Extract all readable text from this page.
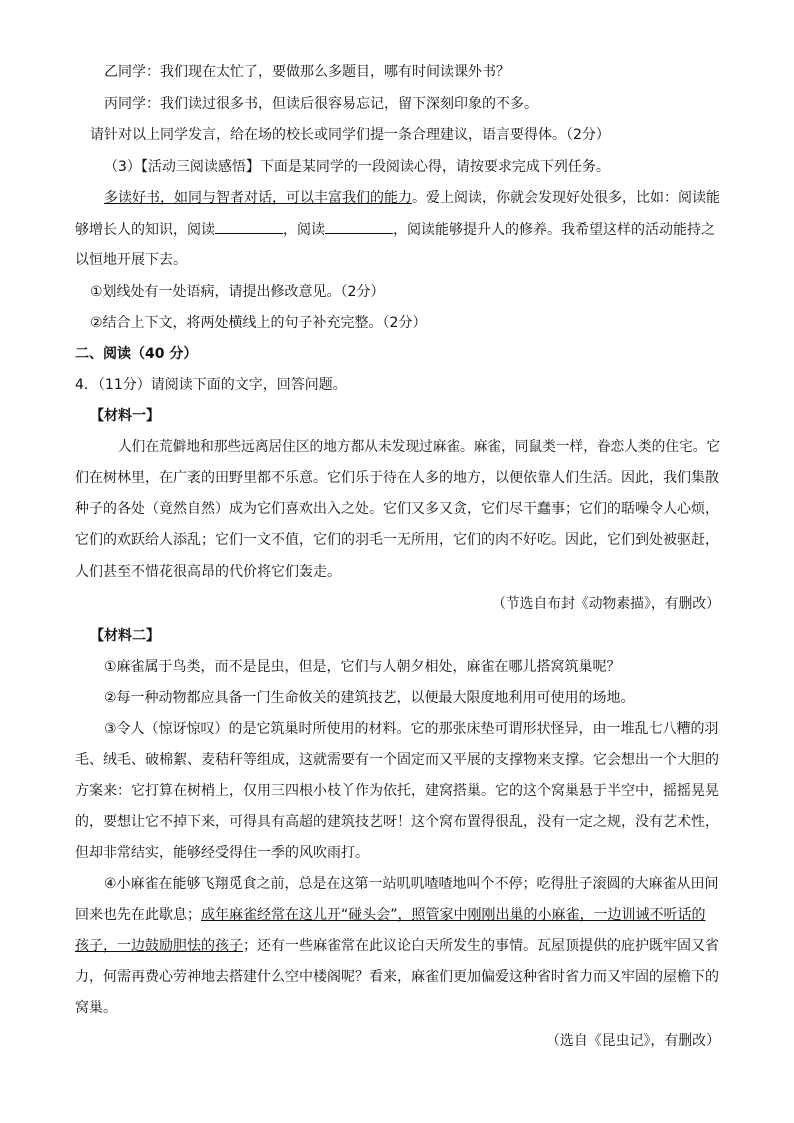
乙同学：我们现在太忙了，要做那么多题目，哪有时间读课外书？

丙同学：我们读过很多书，但读后很容易忘记，留下深刻印象的不多。

请针对以上同学发言，给在场的校长或同学们提一条合理建议，语言要得体。（2分）

（3）【活动三阅读感悟】下面是某同学的一段阅读心得，请按要求完成下列任务。

多读好书，如同与智者对话，可以丰富我们的能力。爱上阅读，你就会发现好处很多，比如：阅读能

够增长人的知识，阅读	，阅读	，阅读能够提升人的修养。我希望这样的活动能持之

以恒地开展下去。

①划线处有一处语病，请提出修改意见。（2分）

②结合上下文，将两处横线上的句子补充完整。（2分）

二、阅读（40 分）

4．（11分）请阅读下面的文字，回答问题。

【材料一】

人们在荒僻地和那些远离居住区的地方都从未发现过麻雀。麻雀，同鼠类一样，眷恋人类的住宅。它

们在树林里，在广袤的田野里都不乐意。它们乐于待在人多的地方，以便依靠人们生活。因此，我们集散

种子的各处（竟然自然）成为它们喜欢出入之处。它们又多又贪，它们尽干蠢事；它们的聒噪令人心烦，

它们的欢跃给人添乱；它们一文不值，它们的羽毛一无所用，它们的肉不好吃。因此，它们到处被驱赶，

人们甚至不惜花很高昂的代价将它们轰走。

（节选自布封《动物素描》，有删改）

【材料二】

①麻雀属于鸟类，而不是昆虫，但是，它们与人朝夕相处，麻雀在哪儿搭窝筑巢呢？

②每一种动物都应具备一门生命攸关的建筑技艺，以便最大限度地利用可使用的场地。

③令人（惊讶惊叹）的是它筑巢时所使用的材料。它的那张床垫可谓形状怪异，由一堆乱七八糟的羽

毛、绒毛、破棉絮、麦秸秆等组成，这就需要有一个固定而又平展的支撑物来支撑。它会想出一个大胆的

方案来：它打算在树梢上，仅用三四根小枝丫作为依托，建窝搭巢。它的这个窝巢悬于半空中，摇摇晃晃

的，要想让它不掉下来，可得具有高超的建筑技艺呀！这个窝布置得很乱，没有一定之规，没有艺术性，

但却非常结实，能够经受得住一季的风吹雨打。

④小麻雀在能够飞翔觅食之前，总是在这第一站叽叽喳喳地叫个不停；吃得肚子滚圆的大麻雀从田间

回来也先在此歇息；成年麻雀经常在这儿开“碰头会”，照管家中刚刚出巢的小麻雀，一边训诫不听话的

孩子，一边鼓励胆怯的孩子；还有一些麻雀常在此议论白天所发生的事情。瓦屋顶提供的庇护既牢固又省

力，何需再费心劳神地去搭建什么空中楼阁呢？看来，麻雀们更加偏爱这种省时省力而又牢固的屋檐下的

窝巢。

（选自《昆虫记》，有删改）
